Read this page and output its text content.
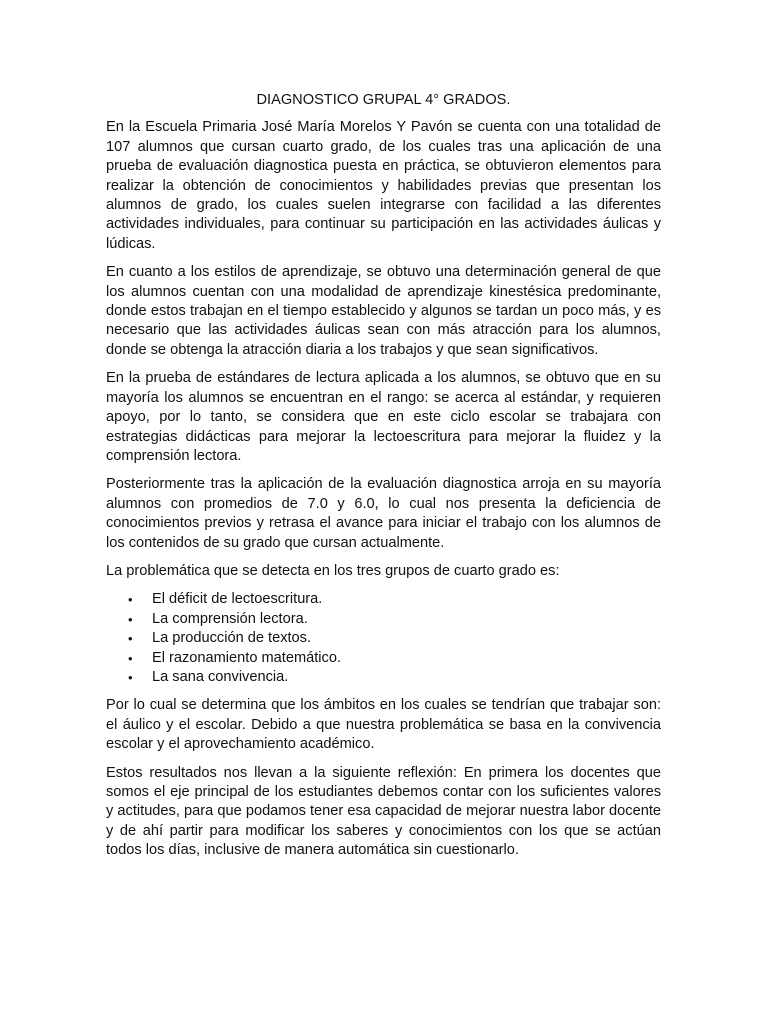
DIAGNOSTICO GRUPAL 4° GRADOS.

En la Escuela Primaria José María Morelos Y Pavón se cuenta con una totalidad de 107 alumnos que cursan cuarto grado, de los cuales tras una aplicación de una prueba de evaluación diagnostica puesta en práctica, se obtuvieron elementos para realizar la obtención de conocimientos y habilidades previas que presentan los alumnos de grado, los cuales suelen integrarse con facilidad a las diferentes actividades individuales, para continuar su participación en las actividades áulicas y lúdicas.

En cuanto a los estilos de aprendizaje, se obtuvo una determinación general de que los alumnos cuentan con una modalidad de aprendizaje kinestésica predominante, donde estos trabajan en el tiempo establecido y algunos se tardan un poco más, y es necesario que las actividades áulicas sean con más atracción para los alumnos, donde se obtenga la atracción diaria a los trabajos y que sean significativos.

En la prueba de estándares de lectura aplicada a los alumnos, se obtuvo que en su mayoría los alumnos se encuentran en el rango: se acerca al estándar, y requieren apoyo, por lo tanto, se considera que en este ciclo escolar se trabajara con estrategias didácticas para mejorar la lectoescritura para mejorar la fluidez y la comprensión lectora.

Posteriormente tras la aplicación de la evaluación diagnostica arroja en su mayoría alumnos con promedios de 7.0 y 6.0, lo cual nos presenta la deficiencia de conocimientos previos y retrasa el avance para iniciar el trabajo con los alumnos de los contenidos de su grado que cursan actualmente.

La problemática que se detecta en los tres grupos de cuarto grado es:

• El déficit de lectoescritura.
• La comprensión lectora.
• La producción de textos.
• El razonamiento matemático.
• La sana convivencia.

Por lo cual se determina que los ámbitos en los cuales se tendrían que trabajar son: el áulico y el escolar. Debido a que nuestra problemática se basa en la convivencia escolar y el aprovechamiento académico.

Estos resultados nos llevan a la siguiente reflexión: En primera los docentes que somos el eje principal de los estudiantes debemos contar con los suficientes valores y actitudes, para que podamos tener esa capacidad de mejorar nuestra labor docente y de ahí partir para modificar los saberes y conocimientos con los que se actúan todos los días, inclusive de manera automática sin cuestionarlo.
